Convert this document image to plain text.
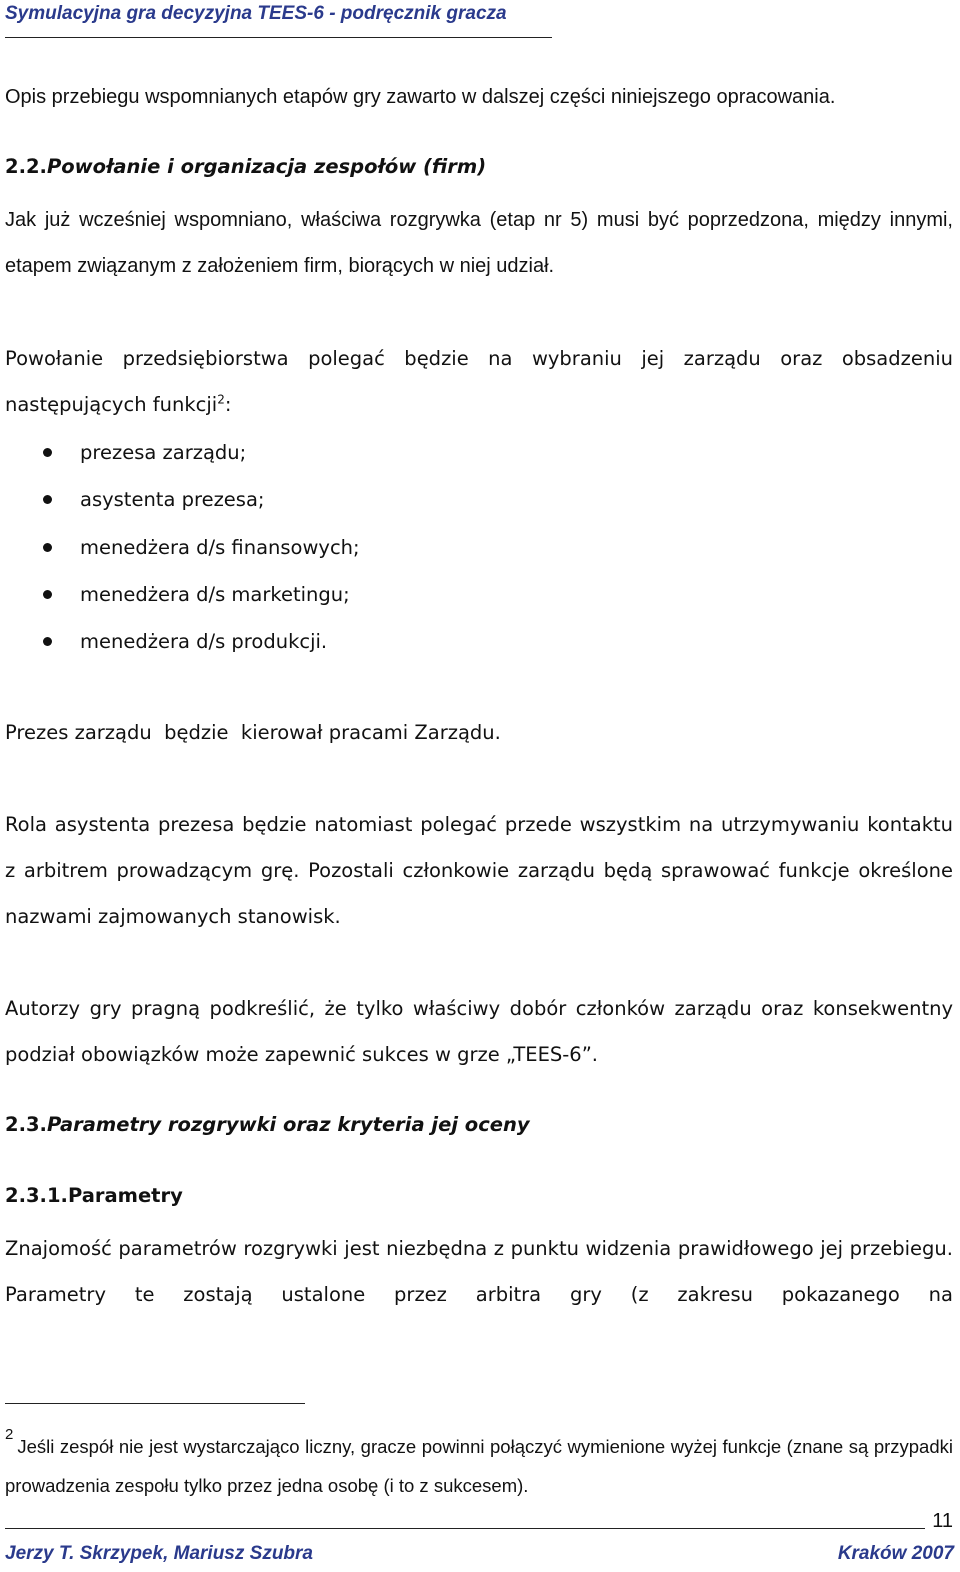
Symulacyjna gra decyzyjna TEES-6 - podręcznik gracza

Opis przebiegu wspomnianych etapów gry zawarto w dalszej części niniejszego opracowania.

2.2.Powołanie i organizacja zespołów (firm)

Jak już wcześniej wspomniano, właściwa rozgrywka (etap nr 5) musi być poprzedzona, między innymi, etapem związanym z założeniem firm, biorących w niej udział.

Powołanie przedsiębiorstwa polegać będzie na wybraniu jej zarządu oraz obsadzeniu następujących funkcji$^2$:

prezesa zarządu;
asystenta prezesa;
menedżera d/s finansowych;
menedżera d/s marketingu;
menedżera d/s produkcji.

Prezes zarządu  będzie  kierował pracami Zarządu.

Rola asystenta prezesa będzie natomiast polegać przede wszystkim na utrzymywaniu kontaktu z arbitrem prowadzącym grę. Pozostali członkowie zarządu będą sprawować funkcje określone nazwami zajmowanych stanowisk.

Autorzy gry pragną podkreślić, że tylko właściwy dobór członków zarządu oraz konsekwentny podział obowiązków może zapewnić sukces w grze „TEES-6”.

2.3.Parametry rozgrywki oraz kryteria jej oceny
2.3.1.Parametry

Znajomość parametrów rozgrywki jest niezbędna z punktu widzenia prawidłowego jej przebiegu. Parametry te zostają ustalone przez arbitra gry (z zakresu pokazanego na

$^2$Jeśli zespół nie jest wystarczająco liczny, gracze powinni połączyć wymienione wyżej funkcje (znane są przypadki prowadzenia zespołu tylko przez jedna osobę (i to z sukcesem).

11
Jerzy T. Skrzypek, Mariusz Szubra	Kraków 2007
